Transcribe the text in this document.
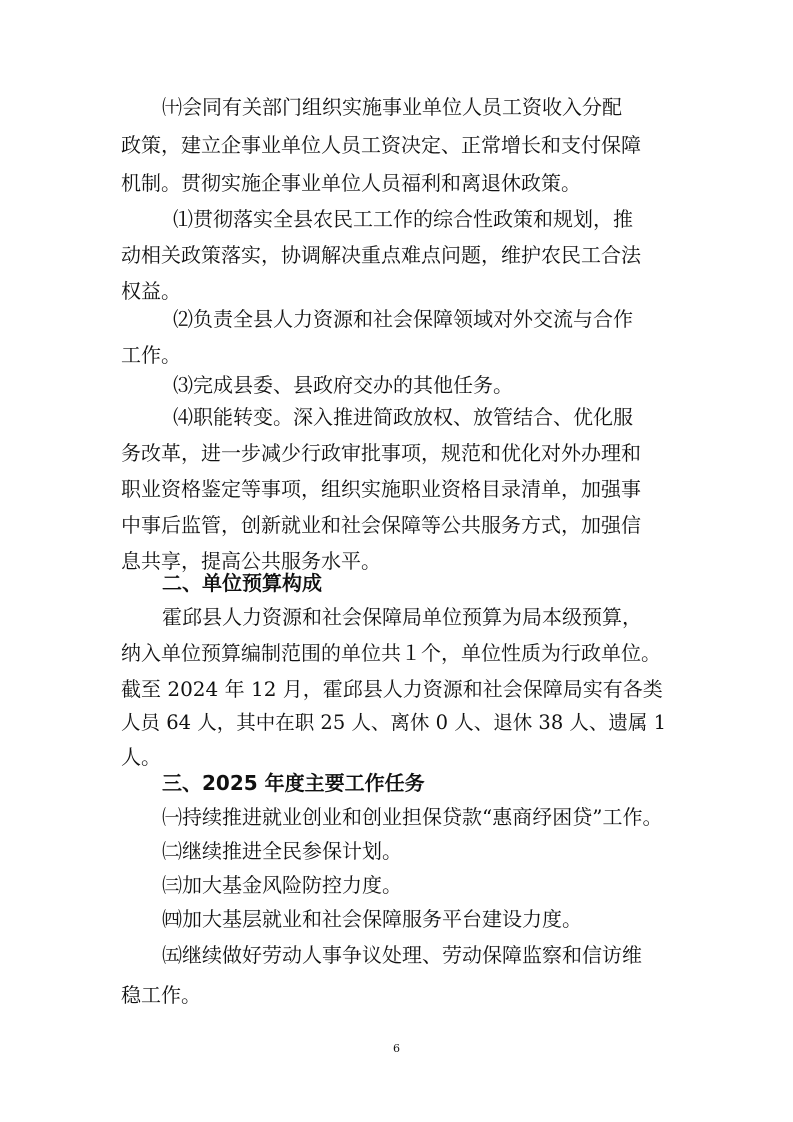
㈩会同有关部门组织实施事业单位人员工资收入分配
政策，建立企事业单位人员工资决定、正常增长和支付保障
机制。贯彻实施企事业单位人员福利和离退休政策。
⑴贯彻落实全县农民工工作的综合性政策和规划，推
动相关政策落实，协调解决重点难点问题，维护农民工合法
权益。
⑵负责全县人力资源和社会保障领域对外交流与合作
工作。
⑶完成县委、县政府交办的其他任务。
⑷职能转变。深入推进简政放权、放管结合、优化服
务改革，进一步减少行政审批事项，规范和优化对外办理和
职业资格鉴定等事项，组织实施职业资格目录清单，加强事
中事后监管，创新就业和社会保障等公共服务方式，加强信
息共享，提高公共服务水平。
二、单位预算构成
霍邱县人力资源和社会保障局单位预算为局本级预算，
纳入单位预算编制范围的单位共１个，单位性质为行政单位。
截至 2024 年 12 月，霍邱县人力资源和社会保障局实有各类
人员 64 人，其中在职 25 人、离休 0 人、退休 38 人、遗属 1
人。
三、2025 年度主要工作任务
㈠持续推进就业创业和创业担保贷款“惠商纾困贷”工作。
㈡继续推进全民参保计划。
㈢加大基金风险防控力度。
㈣加大基层就业和社会保障服务平台建设力度。
㈤继续做好劳动人事争议处理、劳动保障监察和信访维
稳工作。
6
